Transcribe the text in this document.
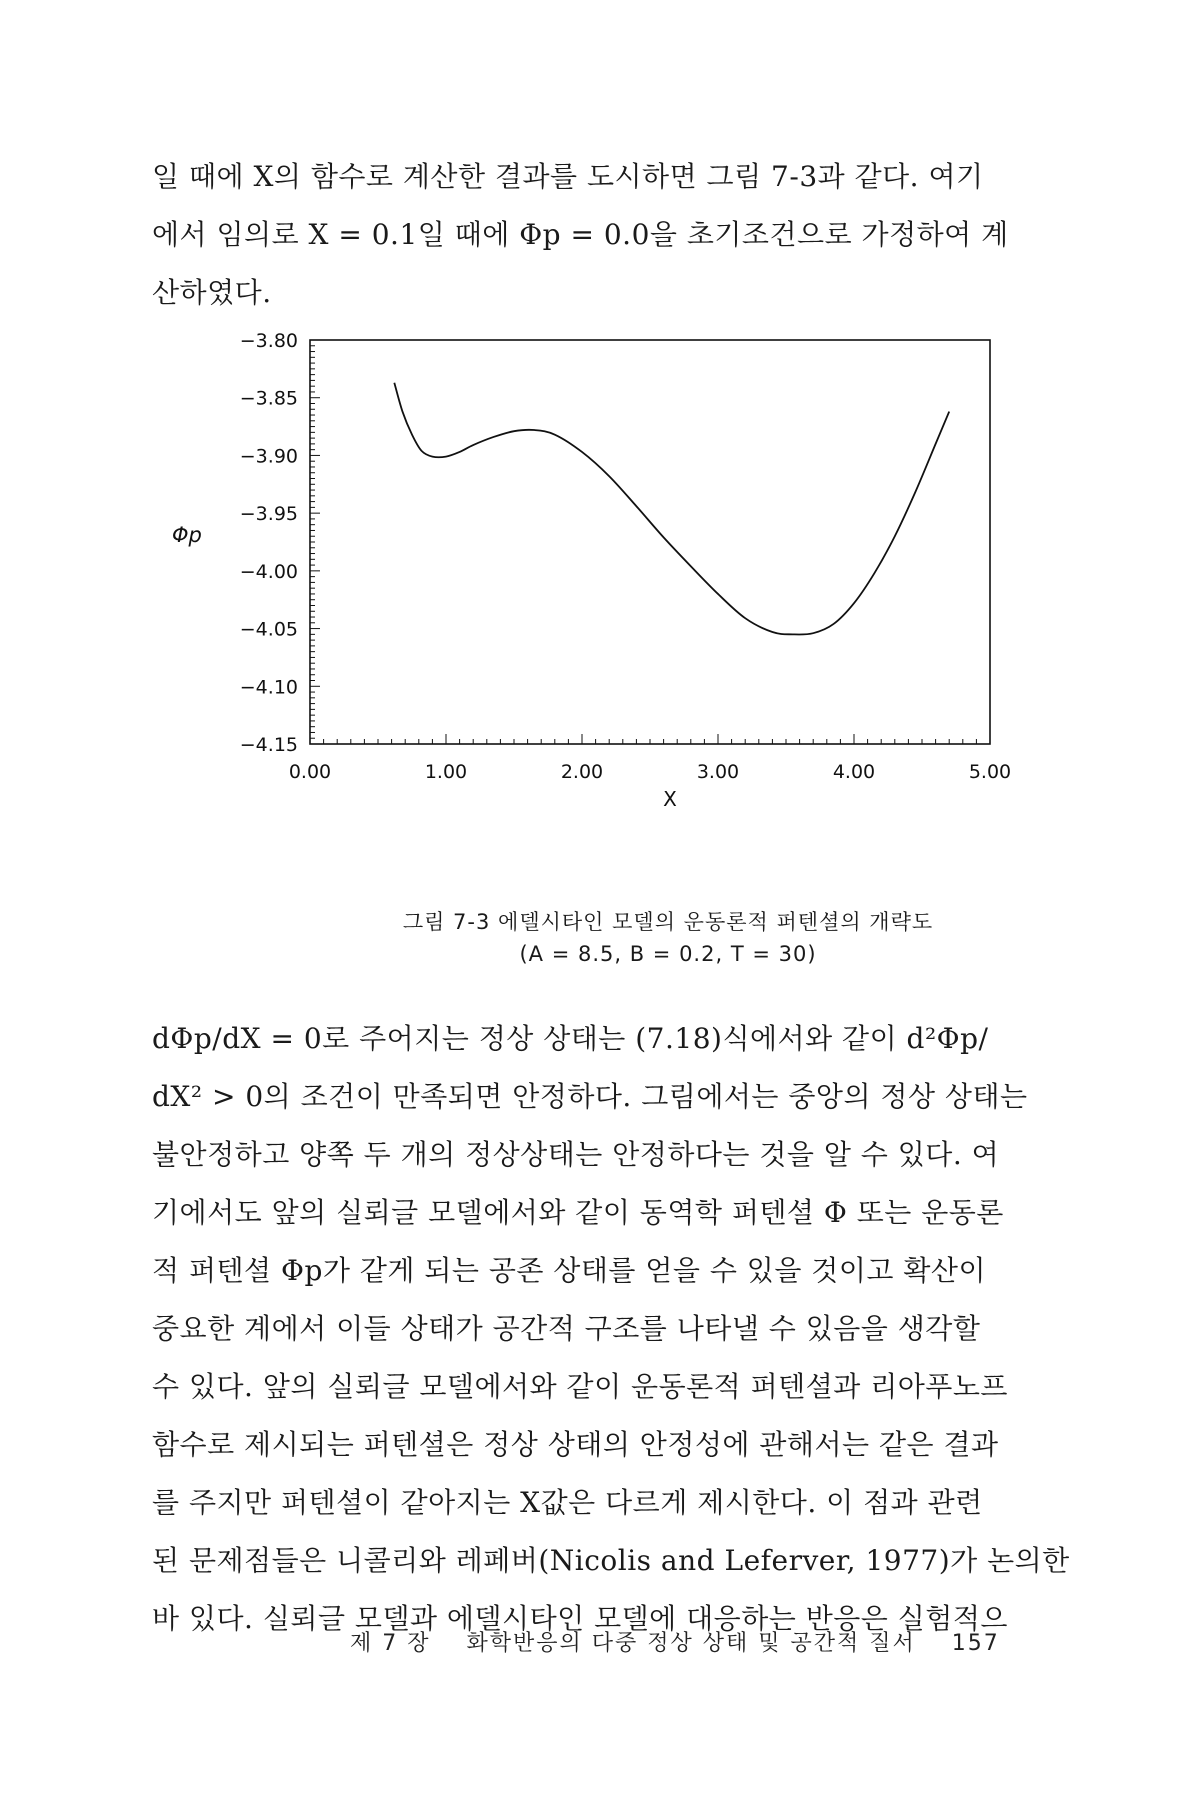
일 때에 X의 함수로 계산한 결과를 도시하면 그림 7-3과 같다. 여기
에서 임의로 X = 0.1일 때에 Φp = 0.0을 초기조건으로 가정하여 계
산하였다.
−3.80
−3.85
−3.90
−3.95
−4.00
−4.05
−4.10
−4.15
0.00	1.00	2.00	3.00	4.00	5.00
X
Φp
그림 7-3 에델시타인 모델의 운동론적 퍼텐셜의 개략도
(A = 8.5, B = 0.2, T = 30)
dΦp/dX = 0로 주어지는 정상 상태는 (7.18)식에서와 같이 d²Φp/
dX² > 0의 조건이 만족되면 안정하다. 그림에서는 중앙의 정상 상태는
불안정하고 양쪽 두 개의 정상상태는 안정하다는 것을 알 수 있다. 여
기에서도 앞의 실뢰글 모델에서와 같이 동역학 퍼텐셜 Φ 또는 운동론
적 퍼텐셜 Φp가 같게 되는 공존 상태를 얻을 수 있을 것이고 확산이
중요한 계에서 이들 상태가 공간적 구조를 나타낼 수 있음을 생각할
수 있다. 앞의 실뢰글 모델에서와 같이 운동론적 퍼텐셜과 리아푸노프
함수로 제시되는 퍼텐셜은 정상 상태의 안정성에 관해서는 같은 결과
를 주지만 퍼텐셜이 같아지는 X값은 다르게 제시한다. 이 점과 관련
된 문제점들은 니콜리와 레페버(Nicolis and Leferver, 1977)가 논의한
바 있다. 실뢰글 모델과 에델시타인 모델에 대응하는 반응은 실험적으
제 7 장 화학반응의 다중 정상 상태 및 공간적 질서 157
